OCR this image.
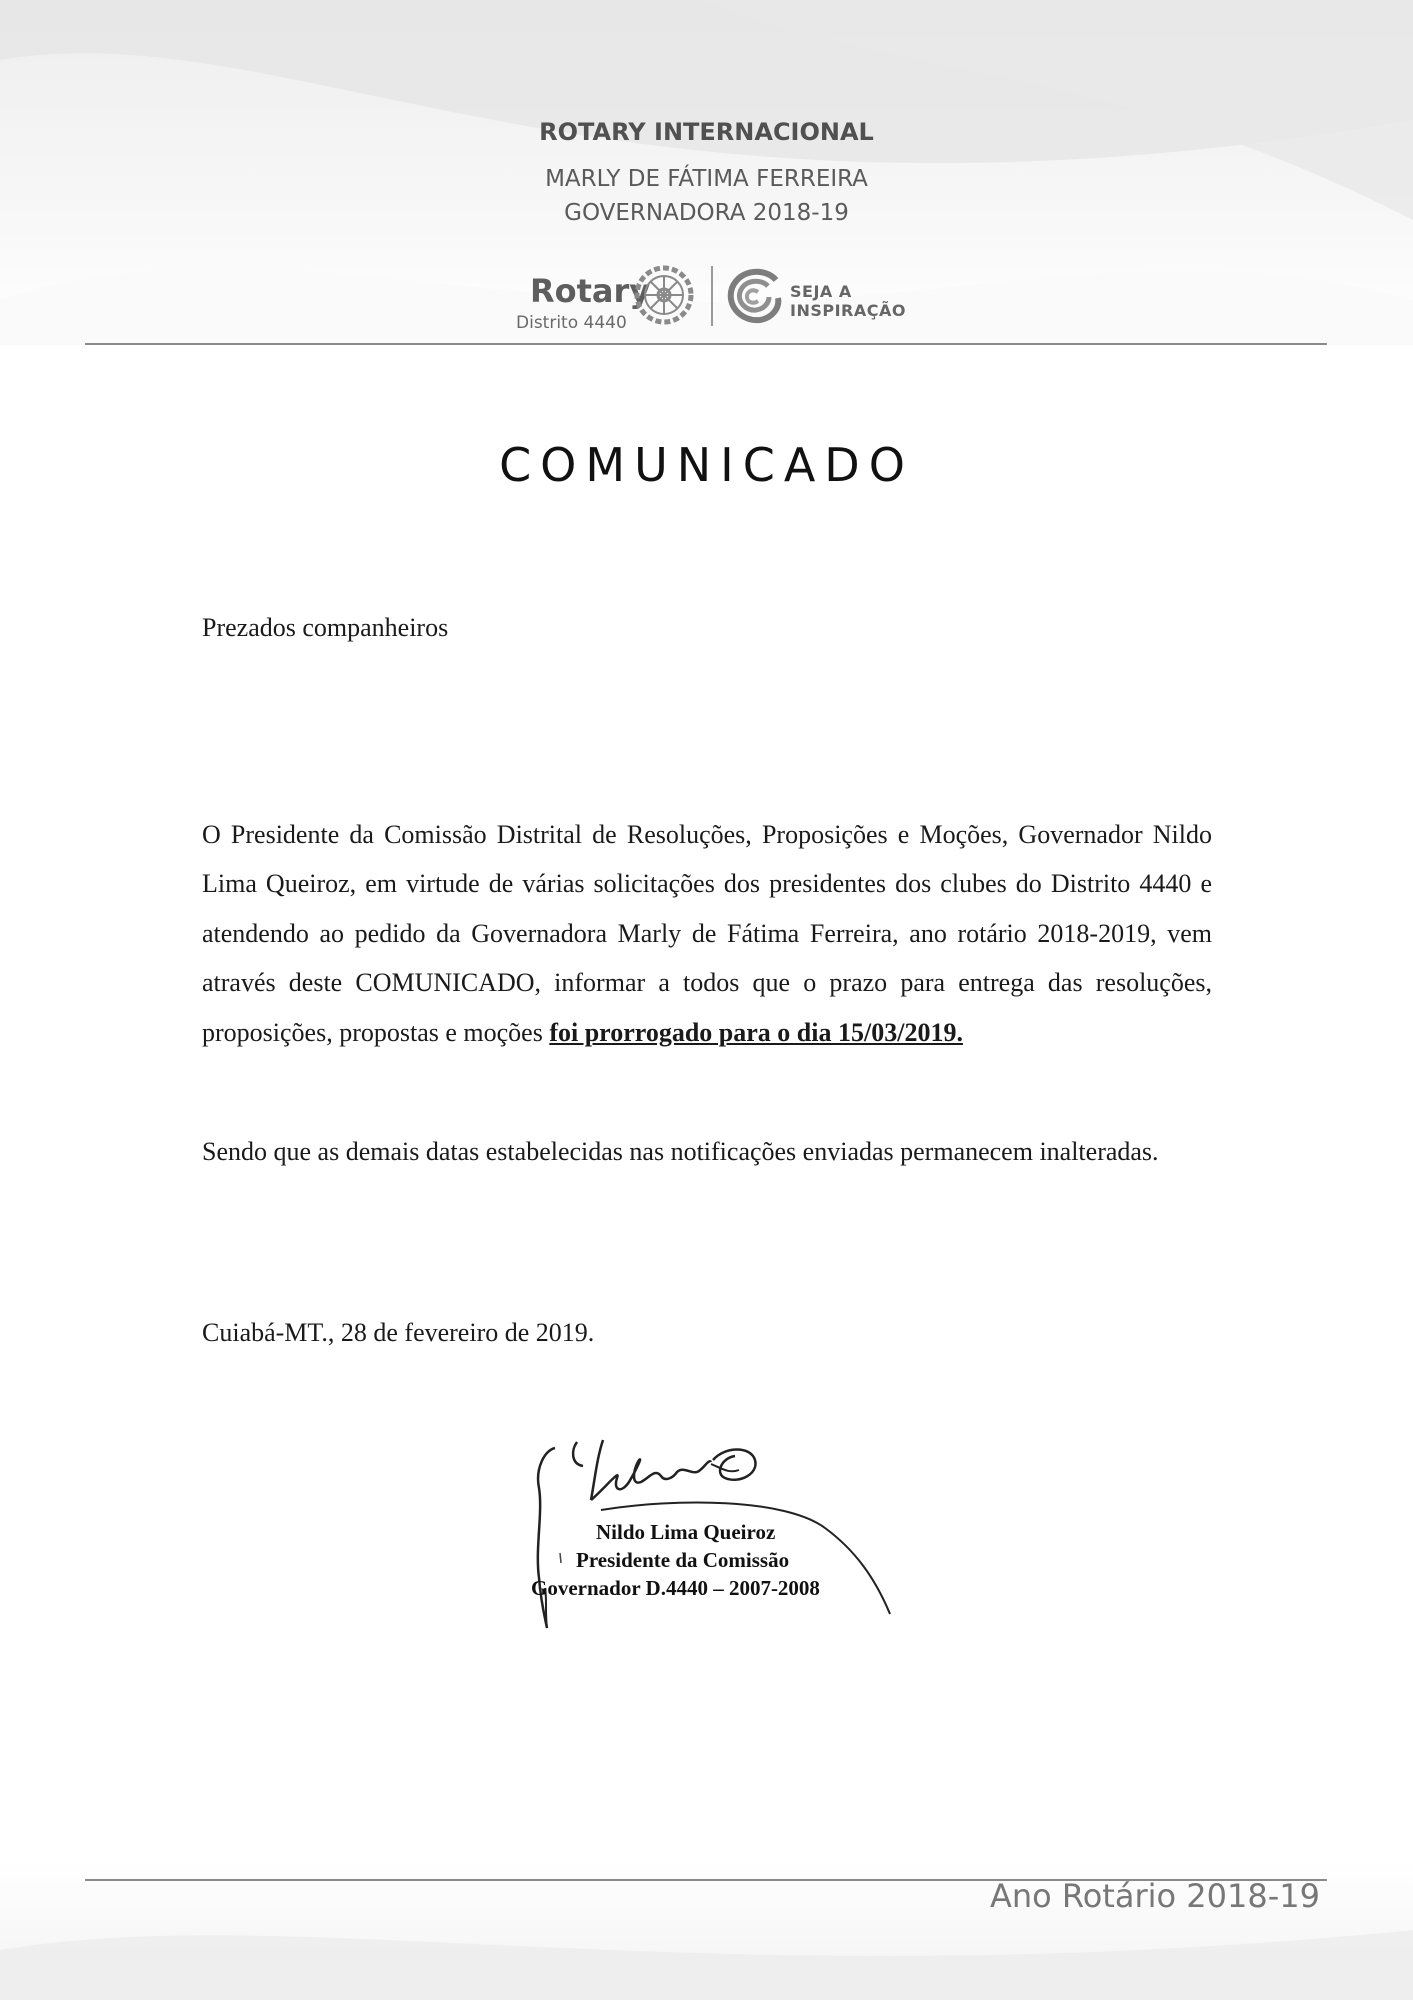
ROTARY INTERNACIONAL
MARLY DE FÁTIMA FERREIRA
GOVERNADORA 2018-19
Rotary
Distrito 4440
SEJA A
INSPIRAÇÃO
COMUNICADO
Prezados companheiros

O Presidente da Comissão Distrital de Resoluções, Proposições e Moções, Governador Nildo Lima Queiroz, em virtude de várias solicitações dos presidentes dos clubes do Distrito 4440 e atendendo ao pedido da Governadora Marly de Fátima Ferreira, ano rotário 2018-2019, vem através deste COMUNICADO, informar a todos que o prazo para entrega das resoluções, proposições, propostas e moções foi prorrogado para o dia 15/03/2019.

Sendo que as demais datas estabelecidas nas notificações enviadas permanecem inalteradas.

Cuiabá-MT., 28 de fevereiro de 2019.
Nildo Lima Queiroz
Presidente da Comissão
Governador D.4440 – 2007-2008
Ano Rotário 2018-19
